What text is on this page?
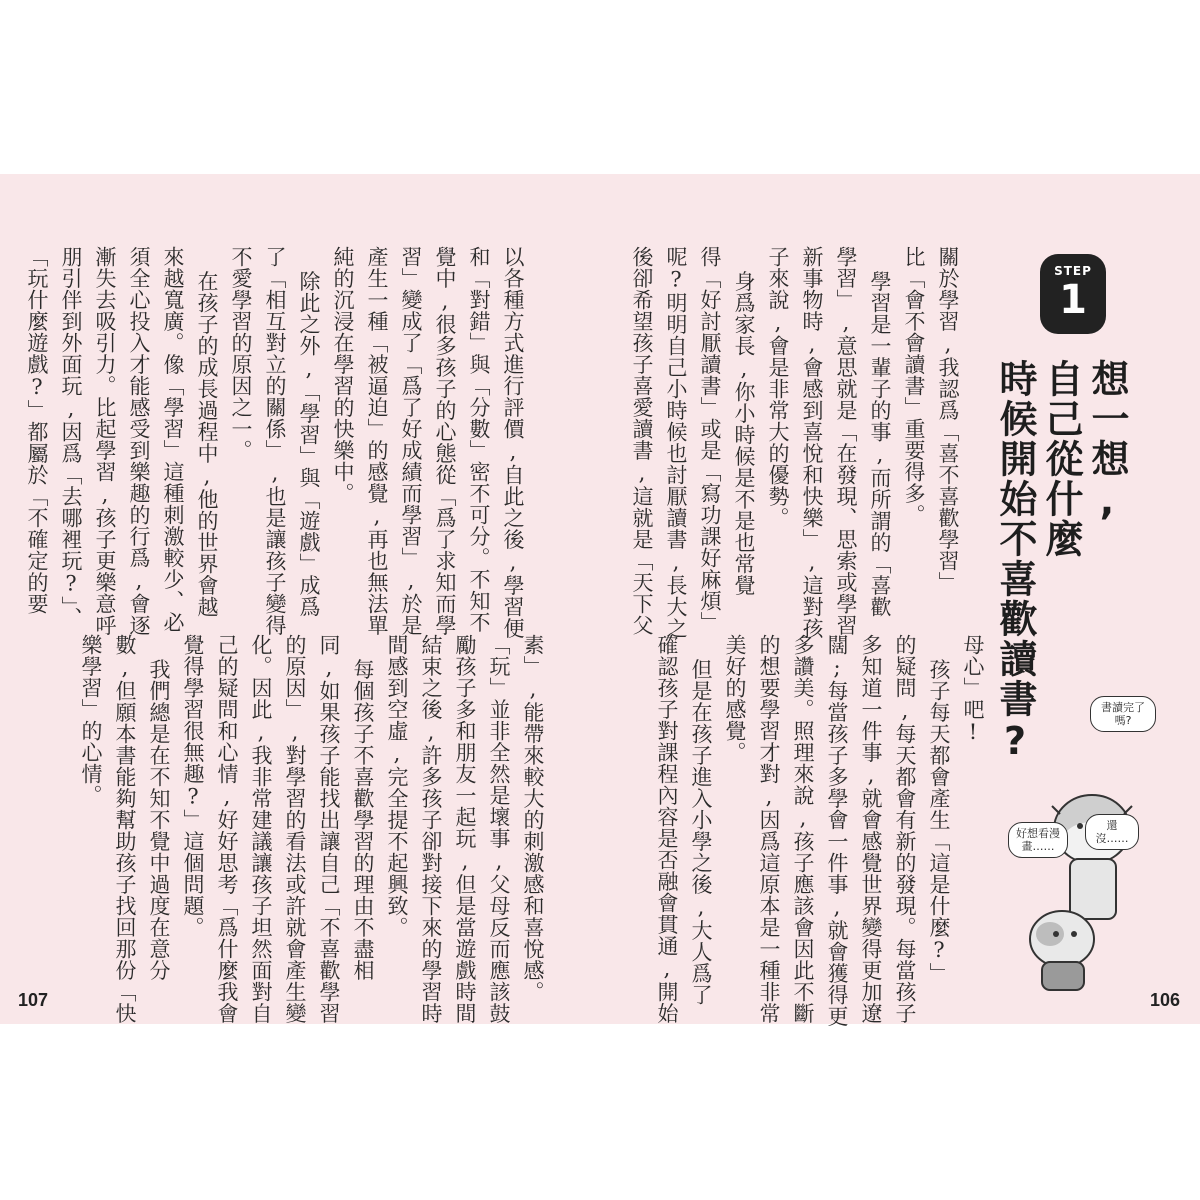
以各種方式進行評價,自此之後,學習便
和「對錯」與「分數」密不可分。不知不
覺中,很多孩子的心態從「爲了求知而學
習」變成了「爲了好成績而學習」,於是
產生一種「被逼迫」的感覺,再也無法單
純的沉浸在學習的快樂中。
除此之外,「學習」與「遊戲」成爲
了「相互對立的關係」,也是讓孩子變得
不愛學習的原因之一。
在孩子的成長過程中,他的世界會越
來越寬廣。像「學習」這種刺激較少、必
須全心投入才能感受到樂趣的行爲,會逐
漸失去吸引力。比起學習,孩子更樂意呼
朋引伴到外面玩,因爲「去哪裡玩?」、
「玩什麼遊戲?」都屬於「不確定的要
素」,能帶來較大的刺激感和喜悅感。
「玩」並非全然是壞事,父母反而應該鼓
勵孩子多和朋友一起玩,但是當遊戲時間
結束之後,許多孩子卻對接下來的學習時
間感到空虛,完全提不起興致。
每個孩子不喜歡學習的理由不盡相
同,如果孩子能找出讓自己「不喜歡學習
的原因」,對學習的看法或許就會產生變
化。因此,我非常建議讓孩子坦然面對自
己的疑問和心情,好好思考「爲什麼我會
覺得學習很無趣?」這個問題。
我們總是在不知不覺中過度在意分
數,但願本書能夠幫助孩子找回那份「快
樂學習」的心情。
107
關於學習,我認爲「喜不喜歡學習」
比「會不會讀書」重要得多。
學習是一輩子的事,而所謂的「喜歡
學習」,意思就是「在發現、思索或學習
新事物時,會感到喜悅和快樂」,這對孩
子來說,會是非常大的優勢。
身爲家長,你小時候是不是也常覺
得「好討厭讀書」或是「寫功課好麻煩」
呢?明明自己小時候也討厭讀書,長大之
後卻希望孩子喜愛讀書,這就是「天下父
母心」吧!
孩子每天都會產生「這是什麼?」
的疑問,每天都會有新的發現。每當孩子
多知道一件事,就會感覺世界變得更加遼
闊;每當孩子多學會一件事,就會獲得更
多讚美。照理來說,孩子應該會因此不斷
的想要學習才對,因爲這原本是一種非常
美好的感覺。
但是在孩子進入小學之後,大人爲了
確認孩子對課程內容是否融會貫通,開始
STEP
1
想一想,
自己從什麼
時候開始不喜歡讀書?	書讀完了嗎?
好想看漫畫……
還沒……
106
